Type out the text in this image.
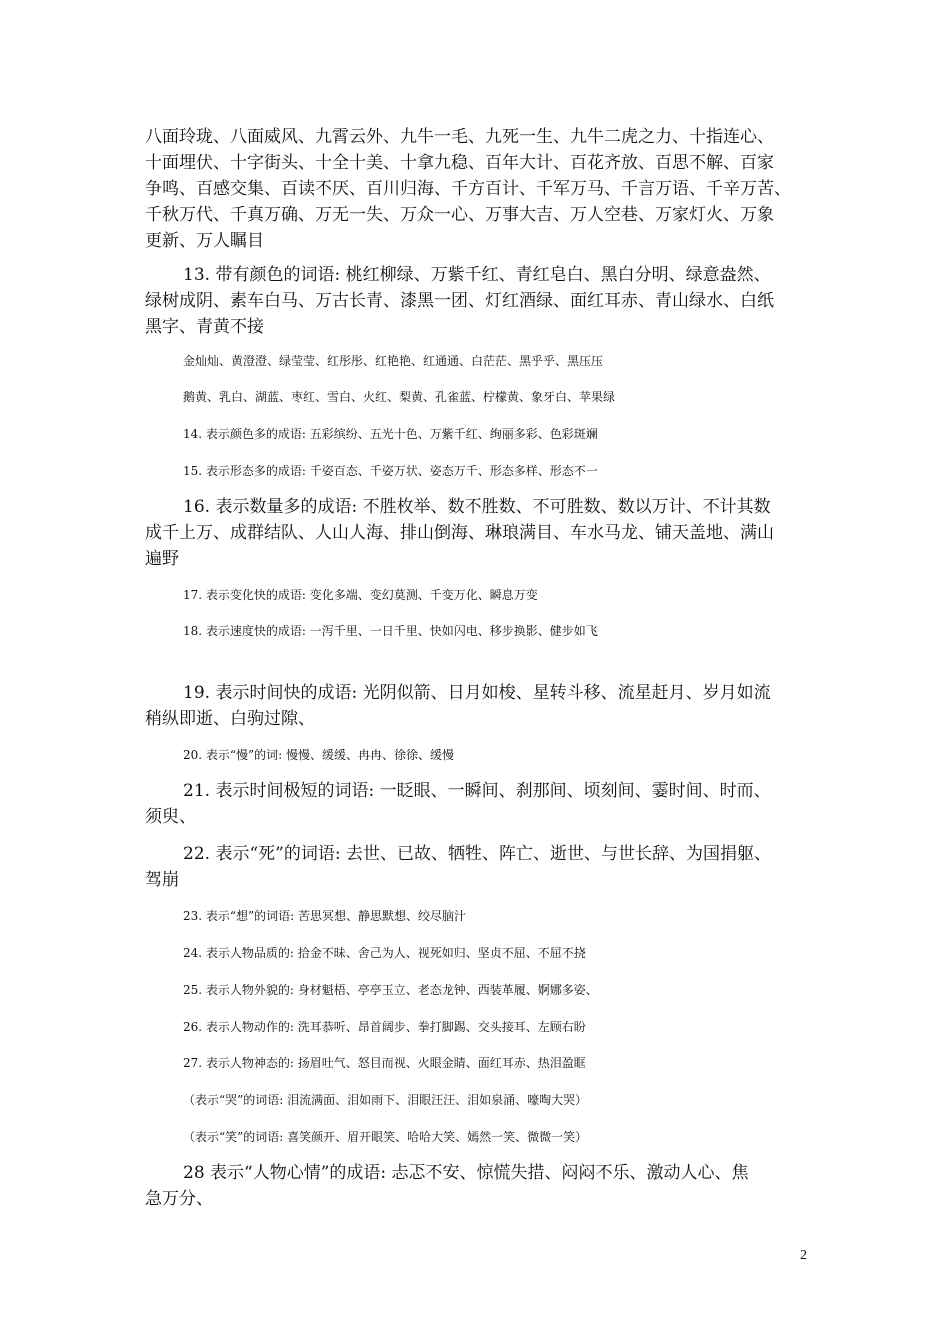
八面玲珑、八面威风、九霄云外、九牛一毛、九死一生、九牛二虎之力、十指连心、
十面埋伏、十字街头、十全十美、十拿九稳、百年大计、百花齐放、百思不解、百家
争鸣、百感交集、百读不厌、百川归海、千方百计、千军万马、千言万语、千辛万苦、
千秋万代、千真万确、万无一失、万众一心、万事大吉、万人空巷、万家灯火、万象
更新、万人瞩目
13. 带有颜色的词语: 桃红柳绿、万紫千红、青红皂白、黑白分明、绿意盎然、
绿树成阴、素车白马、万古长青、漆黑一团、灯红酒绿、面红耳赤、青山绿水、白纸
黑字、青黄不接
金灿灿、黄澄澄、绿莹莹、红彤彤、红艳艳、红通通、白茫茫、黑乎乎、黑压压
鹅黄、乳白、湖蓝、枣红、雪白、火红、梨黄、孔雀蓝、柠檬黄、象牙白、苹果绿
14. 表示颜色多的成语: 五彩缤纷、五光十色、万紫千红、绚丽多彩、色彩斑斓
15. 表示形态多的成语: 千姿百态、千姿万状、姿态万千、形态多样、形态不一
16. 表示数量多的成语: 不胜枚举、数不胜数、不可胜数、数以万计、不计其数
成千上万、成群结队、人山人海、排山倒海、琳琅满目、车水马龙、铺天盖地、满山
遍野
17. 表示变化快的成语: 变化多端、变幻莫测、千变万化、瞬息万变
18. 表示速度快的成语: 一泻千里、一日千里、快如闪电、移步换影、健步如飞
19. 表示时间快的成语: 光阴似箭、日月如梭、星转斗移、流星赶月、岁月如流
稍纵即逝、白驹过隙、
20. 表示“慢”的词: 慢慢、缓缓、冉冉、徐徐、缓慢
21. 表示时间极短的词语: 一眨眼、一瞬间、刹那间、顷刻间、霎时间、时而、
须臾、
22. 表示“死”的词语: 去世、已故、牺牲、阵亡、逝世、与世长辞、为国捐躯、
驾崩
23. 表示“想”的词语: 苦思冥想、静思默想、绞尽脑汁
24. 表示人物品质的: 拾金不昧、舍己为人、视死如归、坚贞不屈、不屈不挠
25. 表示人物外貌的: 身材魁梧、亭亭玉立、老态龙钟、西装革履、婀娜多姿、
26. 表示人物动作的: 洗耳恭听、昂首阔步、拳打脚踢、交头接耳、左顾右盼
27. 表示人物神态的: 扬眉吐气、怒目而视、火眼金睛、面红耳赤、热泪盈眶
（表示“哭”的词语: 泪流满面、泪如雨下、泪眼汪汪、泪如泉涌、嚎啕大哭）
（表示“笑”的词语: 喜笑颜开、眉开眼笑、哈哈大笑、嫣然一笑、微微一笑）
28 表示“人物心情”的成语: 忐忑不安、惊慌失措、闷闷不乐、激动人心、焦
急万分、
2
